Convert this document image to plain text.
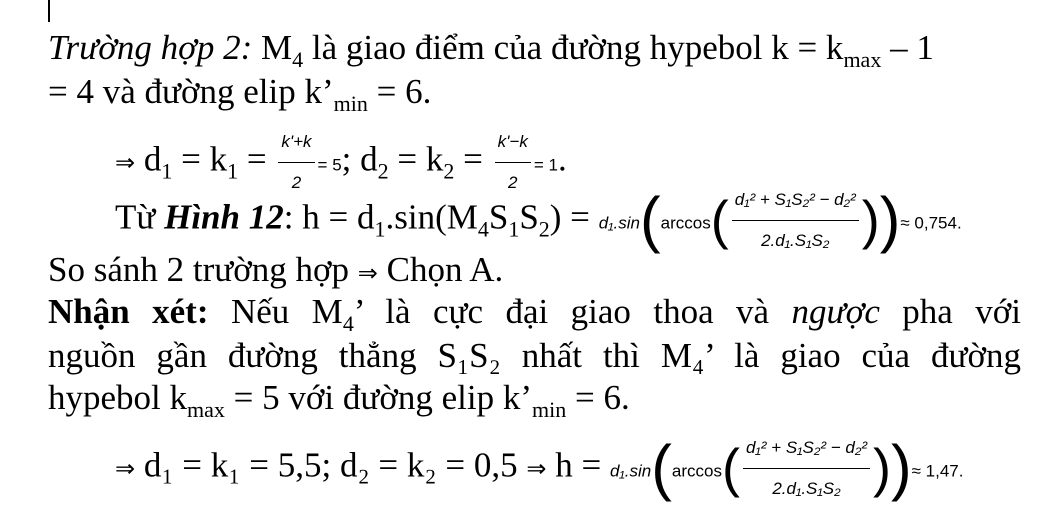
Trường hợp 2: $M_4$ là giao điểm của đường hypebol $k = k_{max} - 1$
= 4 và đường elip $k’_{min} = 6$.
⇒ $d_1 = k_1 = \frac{k'+k}{2} = 5$; $d_2 = k_2 = \frac{k'-k}{2} = 1$.
Từ Hình 12: $h = d_1.\sin(M_4S_1S_2) = d_1.\sin(\arccos( \frac{\text{d₁² + S₁S₂² − d₂²}}{\text{2.d₁.S₁S₂}}$ ))≈ 0,754.
So sánh 2 trường hợp ⇒ Chọn A.
Nhận xét: Nếu $M_4$’ là cực đại giao thoa và ngược pha với
nguồn gần đường thẳng S₁S₂ nhất thì M₄’ là giao của đường
hypebol $k_{max} = 5$ với đường elip $k’_{min} = 6$.
⇒ d₁ = k₁ = 5,5; d₂ = k₂ = 0,5 ⇒ $h = d_1.\sin(\arccos( \frac{\text{d₁² + S₁S₂² − d₂²}}{\text{2.d₁.S₁S₂}}$ ))≈ 1,47.
